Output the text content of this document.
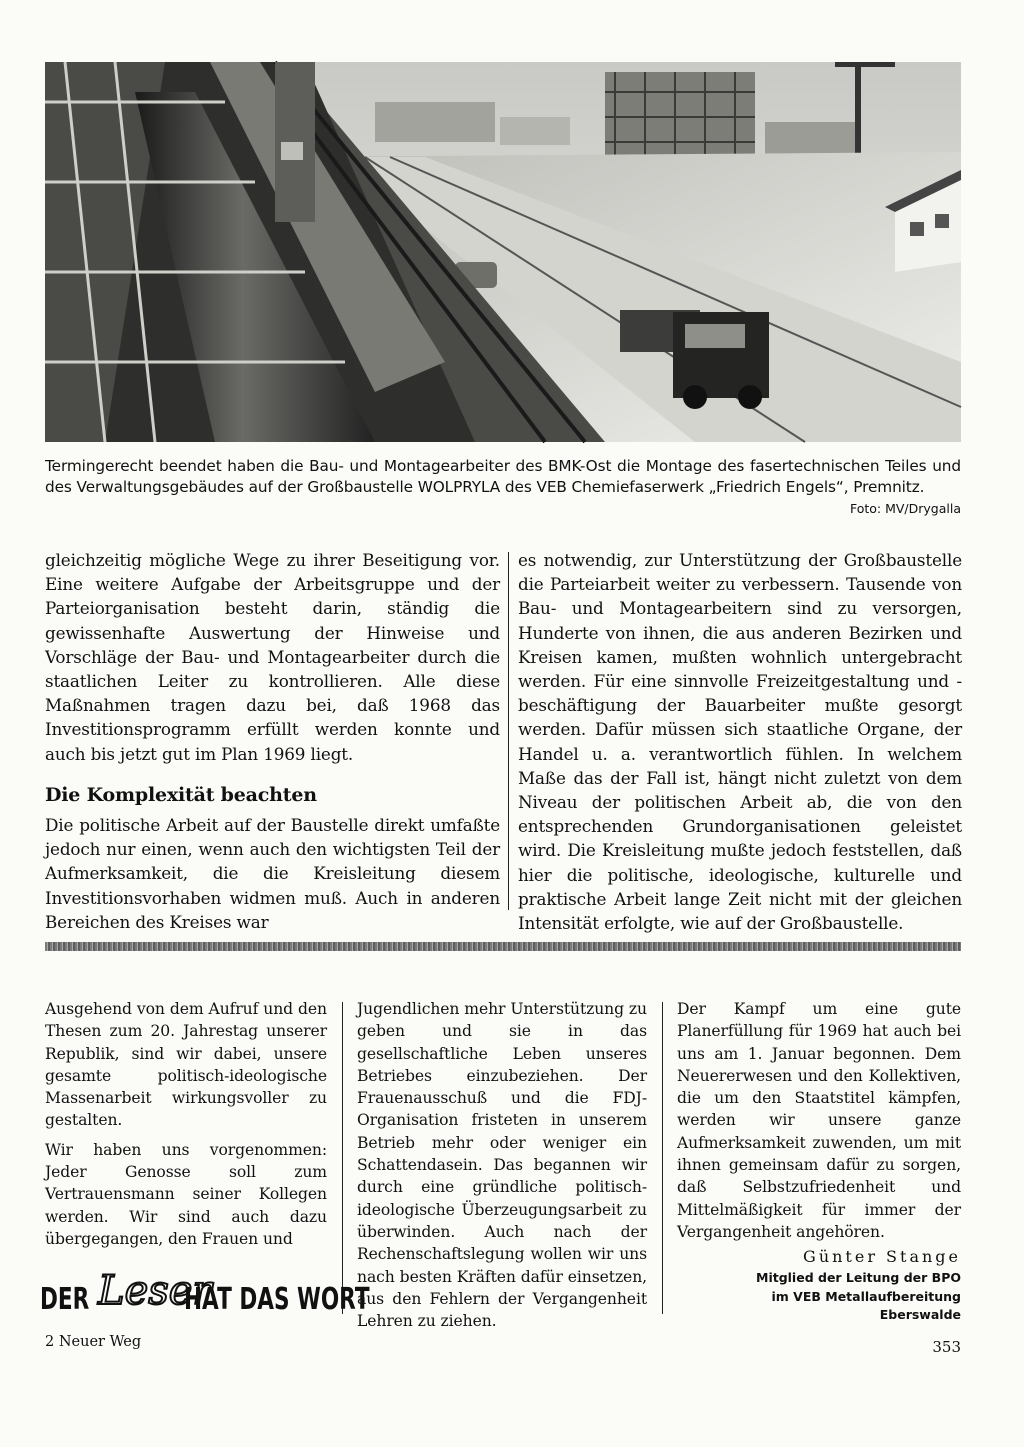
Termingerecht beendet haben die Bau- und Montagearbeiter des BMK-Ost die Montage des fasertechnischen Teiles und des Verwaltungsgebäudes auf der Großbaustelle WOLPRYLA des VEB Chemiefaserwerk „Friedrich Engels“, Premnitz.
Foto: MV/Drygalla

gleichzeitig mögliche Wege zu ihrer Beseitigung vor. Eine weitere Aufgabe der Arbeitsgruppe und der Parteiorganisation besteht darin, ständig die gewissenhafte Auswertung der Hinweise und Vorschläge der Bau- und Montagearbeiter durch die staatlichen Leiter zu kontrollieren. Alle diese Maßnahmen tragen dazu bei, daß 1968 das Investitionsprogramm erfüllt werden konnte und auch bis jetzt gut im Plan 1969 liegt.

Die Komplexität beachten

Die politische Arbeit auf der Baustelle direkt umfaßte jedoch nur einen, wenn auch den wichtigsten Teil der Aufmerksamkeit, die die Kreisleitung diesem Investitionsvorhaben widmen muß. Auch in anderen Bereichen des Kreises war

es notwendig, zur Unterstützung der Großbaustelle die Parteiarbeit weiter zu verbessern. Tausende von Bau- und Montagearbeitern sind zu versorgen, Hunderte von ihnen, die aus anderen Bezirken und Kreisen kamen, mußten wohnlich untergebracht werden. Für eine sinnvolle Freizeitgestaltung und -beschäftigung der Bauarbeiter mußte gesorgt werden. Dafür müssen sich staatliche Organe, der Handel u. a. verantwortlich fühlen. In welchem Maße das der Fall ist, hängt nicht zuletzt von dem Niveau der politischen Arbeit ab, die von den entsprechenden Grundorganisationen geleistet wird. Die Kreisleitung mußte jedoch feststellen, daß hier die politische, ideologische, kulturelle und praktische Arbeit lange Zeit nicht mit der gleichen Intensität erfolgte, wie auf der Großbaustelle.

Ausgehend von dem Aufruf und den Thesen zum 20. Jahrestag unserer Republik, sind wir dabei, unsere gesamte politisch-ideologische Massenarbeit wirkungsvoller zu gestalten.

Wir haben uns vorgenommen: Jeder Genosse soll zum Vertrauensmann seiner Kollegen werden. Wir sind auch dazu übergegangen, den Frauen und

Jugendlichen mehr Unterstützung zu geben und sie in das gesellschaftliche Leben unseres Betriebes einzubeziehen. Der Frauenausschuß und die FDJ-Organisation fristeten in unserem Betrieb mehr oder weniger ein Schattendasein. Das begannen wir durch eine gründliche politisch-ideologische Überzeugungsarbeit zu überwinden. Auch nach der Rechenschaftslegung wollen wir uns nach besten Kräften dafür einsetzen, aus den Fehlern der Vergangenheit Lehren zu ziehen.

Der Kampf um eine gute Planerfüllung für 1969 hat auch bei uns am 1. Januar begonnen. Dem Neuererwesen und den Kollektiven, die um den Staatstitel kämpfen, werden wir unsere ganze Aufmerksamkeit zuwenden, um mit ihnen gemeinsam dafür zu sorgen, daß Selbstzufriedenheit und Mittelmäßigkeit für immer der Vergangenheit angehören.

Günter Stange
Mitglied der Leitung der BPO
im VEB Metallaufbereitung
Eberswalde
DER Leser
HAT DAS WORT
2 Neuer Weg	353
